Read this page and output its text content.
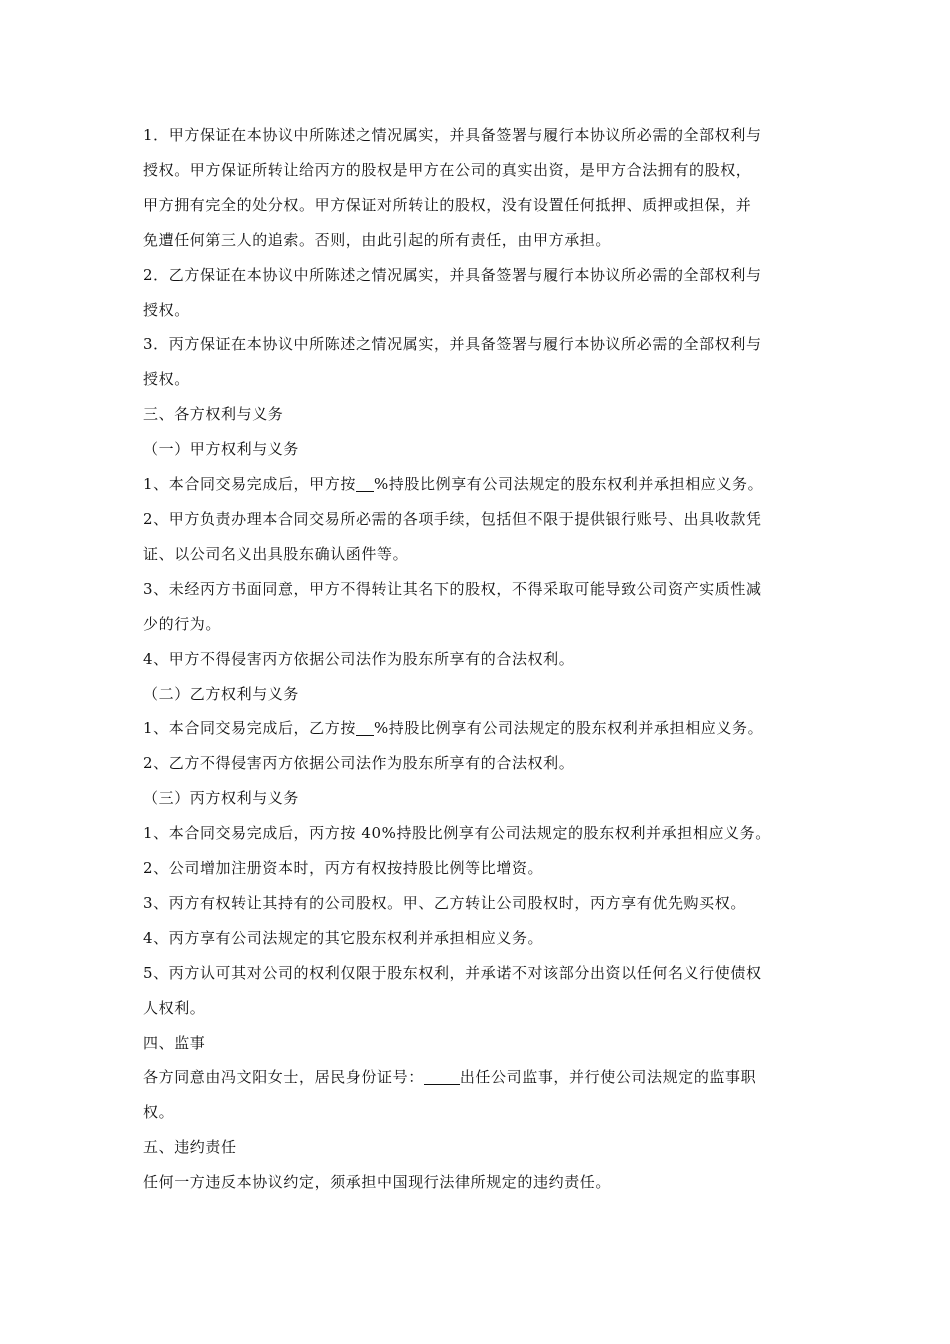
1．甲方保证在本协议中所陈述之情况属实，并具备签署与履行本协议所必需的全部权利与
授权。甲方保证所转让给丙方的股权是甲方在公司的真实出资，是甲方合法拥有的股权，
甲方拥有完全的处分权。甲方保证对所转让的股权，没有设置任何抵押、质押或担保，并
免遭任何第三人的追索。否则，由此引起的所有责任，由甲方承担。
2．乙方保证在本协议中所陈述之情况属实，并具备签署与履行本协议所必需的全部权利与
授权。
3．丙方保证在本协议中所陈述之情况属实，并具备签署与履行本协议所必需的全部权利与
授权。
三、各方权利与义务
（一）甲方权利与义务
1、本合同交易完成后，甲方按 %持股比例享有公司法规定的股东权利并承担相应义务。
2、甲方负责办理本合同交易所必需的各项手续，包括但不限于提供银行账号、出具收款凭
证、以公司名义出具股东确认函件等。
3、未经丙方书面同意，甲方不得转让其名下的股权，不得采取可能导致公司资产实质性减
少的行为。
4、甲方不得侵害丙方依据公司法作为股东所享有的合法权利。
（二）乙方权利与义务
1、本合同交易完成后，乙方按 %持股比例享有公司法规定的股东权利并承担相应义务。
2、乙方不得侵害丙方依据公司法作为股东所享有的合法权利。
（三）丙方权利与义务
1、本合同交易完成后，丙方按 40%持股比例享有公司法规定的股东权利并承担相应义务。
2、公司增加注册资本时，丙方有权按持股比例等比增资。
3、丙方有权转让其持有的公司股权。甲、乙方转让公司股权时，丙方享有优先购买权。
4、丙方享有公司法规定的其它股东权利并承担相应义务。
5、丙方认可其对公司的权利仅限于股东权利，并承诺不对该部分出资以任何名义行使债权
人权利。
四、监事
各方同意由冯文阳女士，居民身份证号： 出任公司监事，并行使公司法规定的监事职
权。
五、违约责任
任何一方违反本协议约定，须承担中国现行法律所规定的违约责任。
